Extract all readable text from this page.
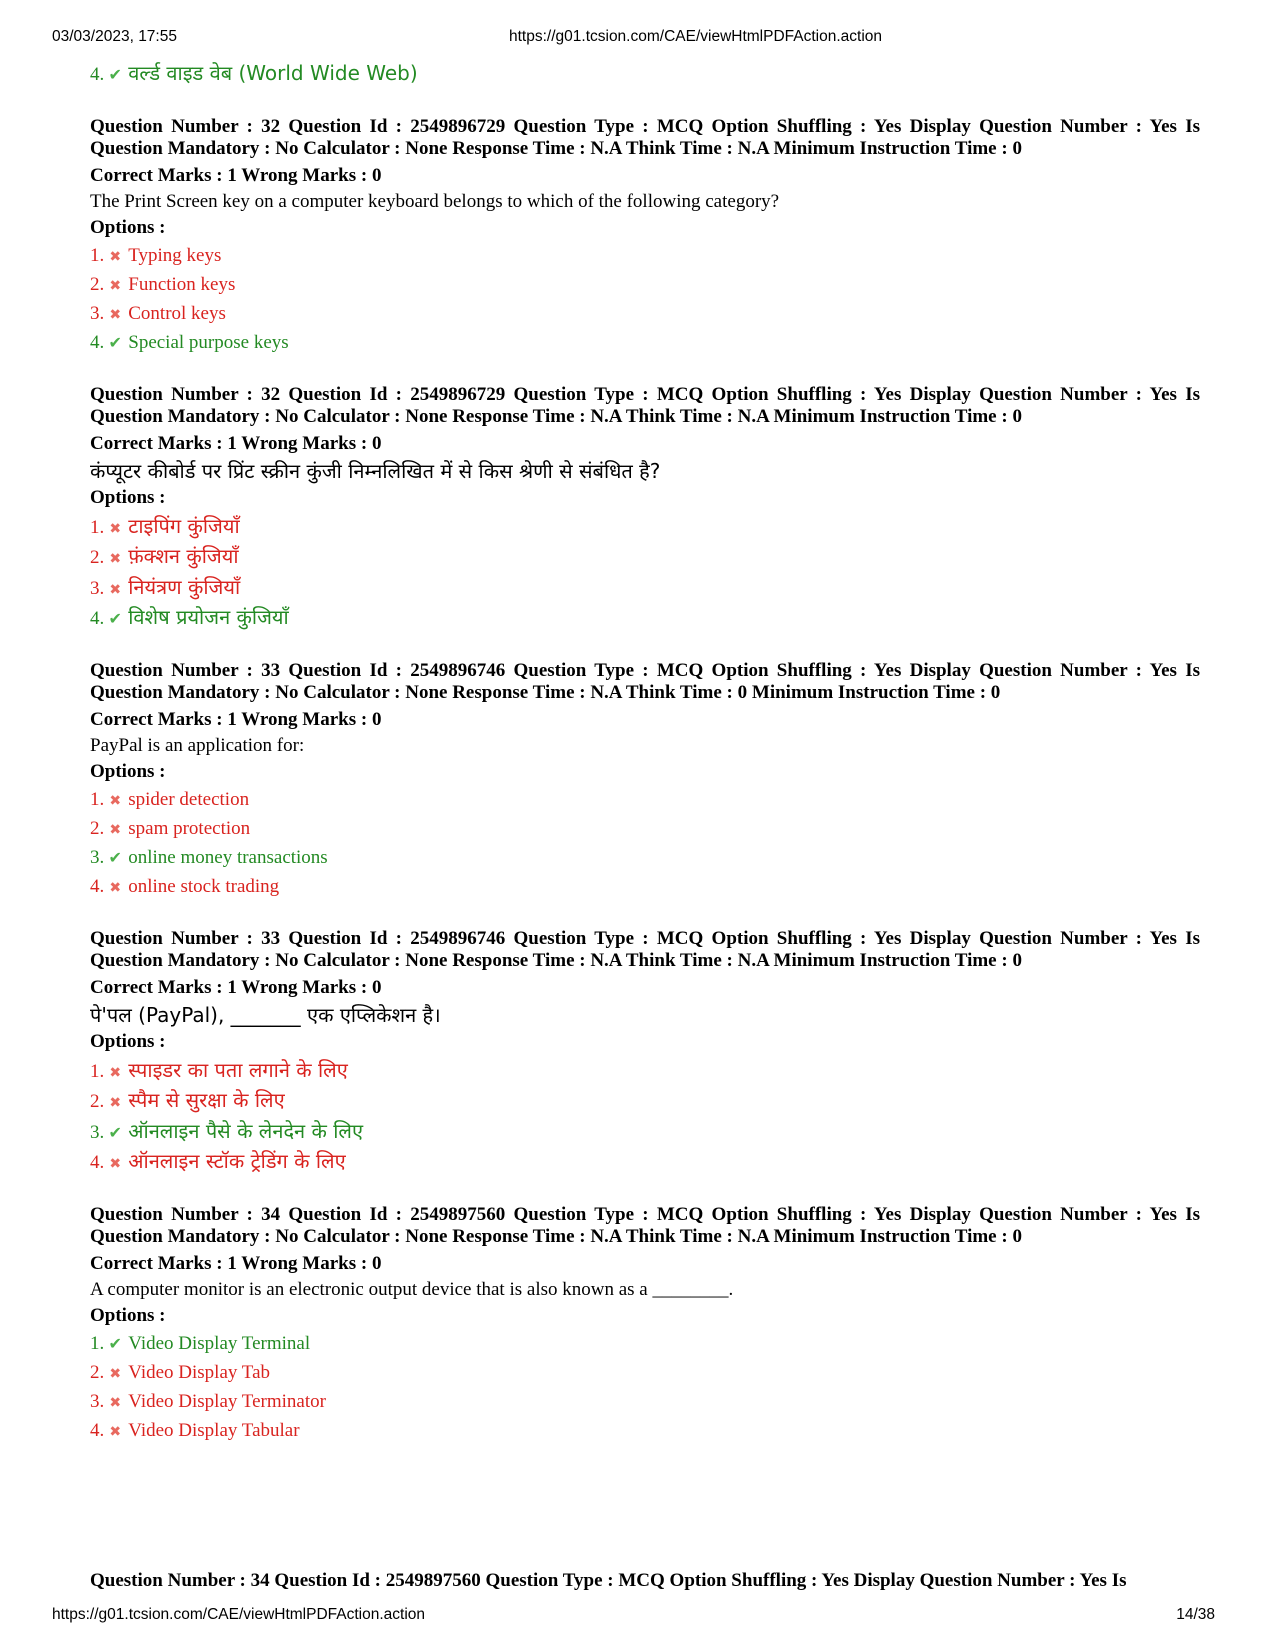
03/03/2023, 17:55	https://g01.tcsion.com/CAE/viewHtmlPDFAction.action
4. ✔ वर्ल्ड वाइड वेब (World Wide Web)
Question Number : 32 Question Id : 2549896729 Question Type : MCQ Option Shuffling : Yes Display Question Number : Yes Is Question Mandatory : No Calculator : None Response Time : N.A Think Time : N.A Minimum Instruction Time : 0
Correct Marks : 1 Wrong Marks : 0
The Print Screen key on a computer keyboard belongs to which of the following category?
Options :
1. ✖ Typing keys
2. ✖ Function keys
3. ✖ Control keys
4. ✔ Special purpose keys
Question Number : 32 Question Id : 2549896729 Question Type : MCQ Option Shuffling : Yes Display Question Number : Yes Is Question Mandatory : No Calculator : None Response Time : N.A Think Time : N.A Minimum Instruction Time : 0
Correct Marks : 1 Wrong Marks : 0
कंप्यूटर कीबोर्ड पर प्रिंट स्क्रीन कुंजी निम्नलिखित में से किस श्रेणी से संबंधित है?
Options :
1. ✖ टाइपिंग कुंजियाँ
2. ✖ फ़ंक्शन कुंजियाँ
3. ✖ नियंत्रण कुंजियाँ
4. ✔ विशेष प्रयोजन कुंजियाँ
Question Number : 33 Question Id : 2549896746 Question Type : MCQ Option Shuffling : Yes Display Question Number : Yes Is Question Mandatory : No Calculator : None Response Time : N.A Think Time : 0 Minimum Instruction Time : 0
Correct Marks : 1 Wrong Marks : 0
PayPal is an application for:
Options :
1. ✖ spider detection
2. ✖ spam protection
3. ✔ online money transactions
4. ✖ online stock trading
Question Number : 33 Question Id : 2549896746 Question Type : MCQ Option Shuffling : Yes Display Question Number : Yes Is Question Mandatory : No Calculator : None Response Time : N.A Think Time : N.A Minimum Instruction Time : 0
Correct Marks : 1 Wrong Marks : 0
पे'पल (PayPal), _______ एक एप्लिकेशन है।
Options :
1. ✖ स्पाइडर का पता लगाने के लिए
2. ✖ स्पैम से सुरक्षा के लिए
3. ✔ ऑनलाइन पैसे के लेनदेन के लिए
4. ✖ ऑनलाइन स्टॉक ट्रेडिंग के लिए
Question Number : 34 Question Id : 2549897560 Question Type : MCQ Option Shuffling : Yes Display Question Number : Yes Is Question Mandatory : No Calculator : None Response Time : N.A Think Time : N.A Minimum Instruction Time : 0
Correct Marks : 1 Wrong Marks : 0
A computer monitor is an electronic output device that is also known as a ________.
Options :
1. ✔ Video Display Terminal
2. ✖ Video Display Tab
3. ✖ Video Display Terminator
4. ✖ Video Display Tabular
Question Number : 34 Question Id : 2549897560 Question Type : MCQ Option Shuffling : Yes Display Question Number : Yes Is
https://g01.tcsion.com/CAE/viewHtmlPDFAction.action	14/38
